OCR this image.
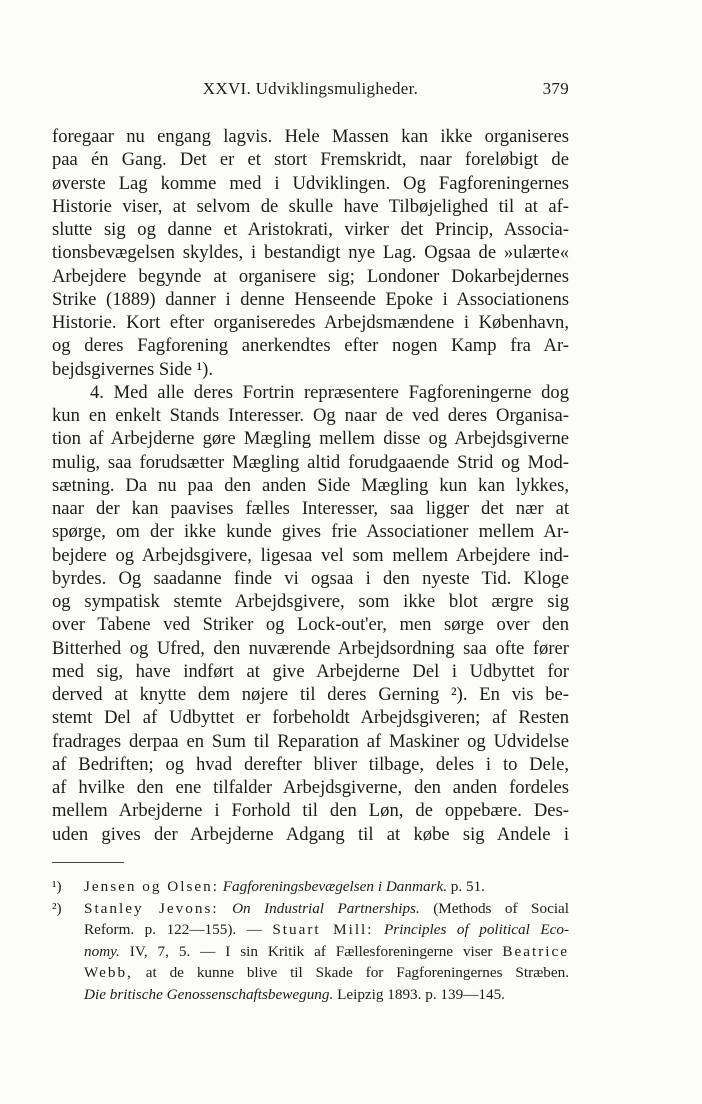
XXVI. Udviklingsmuligheder.	379
foregaar nu engang lagvis. Hele Massen kan ikke organiseres
paa én Gang. Det er et stort Fremskridt, naar foreløbigt de
øverste Lag komme med i Udviklingen. Og Fagforeningernes
Historie viser, at selvom de skulle have Tilbøjelighed til at af-
slutte sig og danne et Aristokrati, virker det Princip, Associa-
tionsbevægelsen skyldes, i bestandigt nye Lag. Ogsaa de »ulærte«
Arbejdere begynde at organisere sig; Londoner Dokarbejdernes
Strike (1889) danner i denne Henseende Epoke i Associationens
Historie. Kort efter organiseredes Arbejdsmændene i København,
og deres Fagforening anerkendtes efter nogen Kamp fra Ar-
bejdsgivernes Side ¹).
4. Med alle deres Fortrin repræsentere Fagforeningerne dog
kun en enkelt Stands Interesser. Og naar de ved deres Organisa-
tion af Arbejderne gøre Mægling mellem disse og Arbejdsgiverne
mulig, saa forudsætter Mægling altid forudgaaende Strid og Mod-
sætning. Da nu paa den anden Side Mægling kun kan lykkes,
naar der kan paavises fælles Interesser, saa ligger det nær at
spørge, om der ikke kunde gives frie Associationer mellem Ar-
bejdere og Arbejdsgivere, ligesaa vel som mellem Arbejdere ind-
byrdes. Og saadanne finde vi ogsaa i den nyeste Tid. Kloge
og sympatisk stemte Arbejdsgivere, som ikke blot ærgre sig
over Tabene ved Striker og Lock-out'er, men sørge over den
Bitterhed og Ufred, den nuværende Arbejdsordning saa ofte fører
med sig, have indført at give Arbejderne Del i Udbyttet for
derved at knytte dem nøjere til deres Gerning ²). En vis be-
stemt Del af Udbyttet er forbeholdt Arbejdsgiveren; af Resten
fradrages derpaa en Sum til Reparation af Maskiner og Udvidelse
af Bedriften; og hvad derefter bliver tilbage, deles i to Dele,
af hvilke den ene tilfalder Arbejdsgiverne, den anden fordeles
mellem Arbejderne i Forhold til den Løn, de oppebære. Des-
uden gives der Arbejderne Adgang til at købe sig Andele i
¹) Jensen og Olsen: Fagforeningsbevægelsen i Danmark. p. 51.
²) Stanley Jevons: On Industrial Partnerships. (Methods of Social
Reform. p. 122—155). — Stuart Mill: Principles of political Eco-
nomy. IV, 7, 5. — I sin Kritik af Fællesforeningerne viser Beatrice
Webb, at de kunne blive til Skade for Fagforeningernes Stræben.
Die britische Genossenschaftsbewegung. Leipzig 1893. p. 139—145.
